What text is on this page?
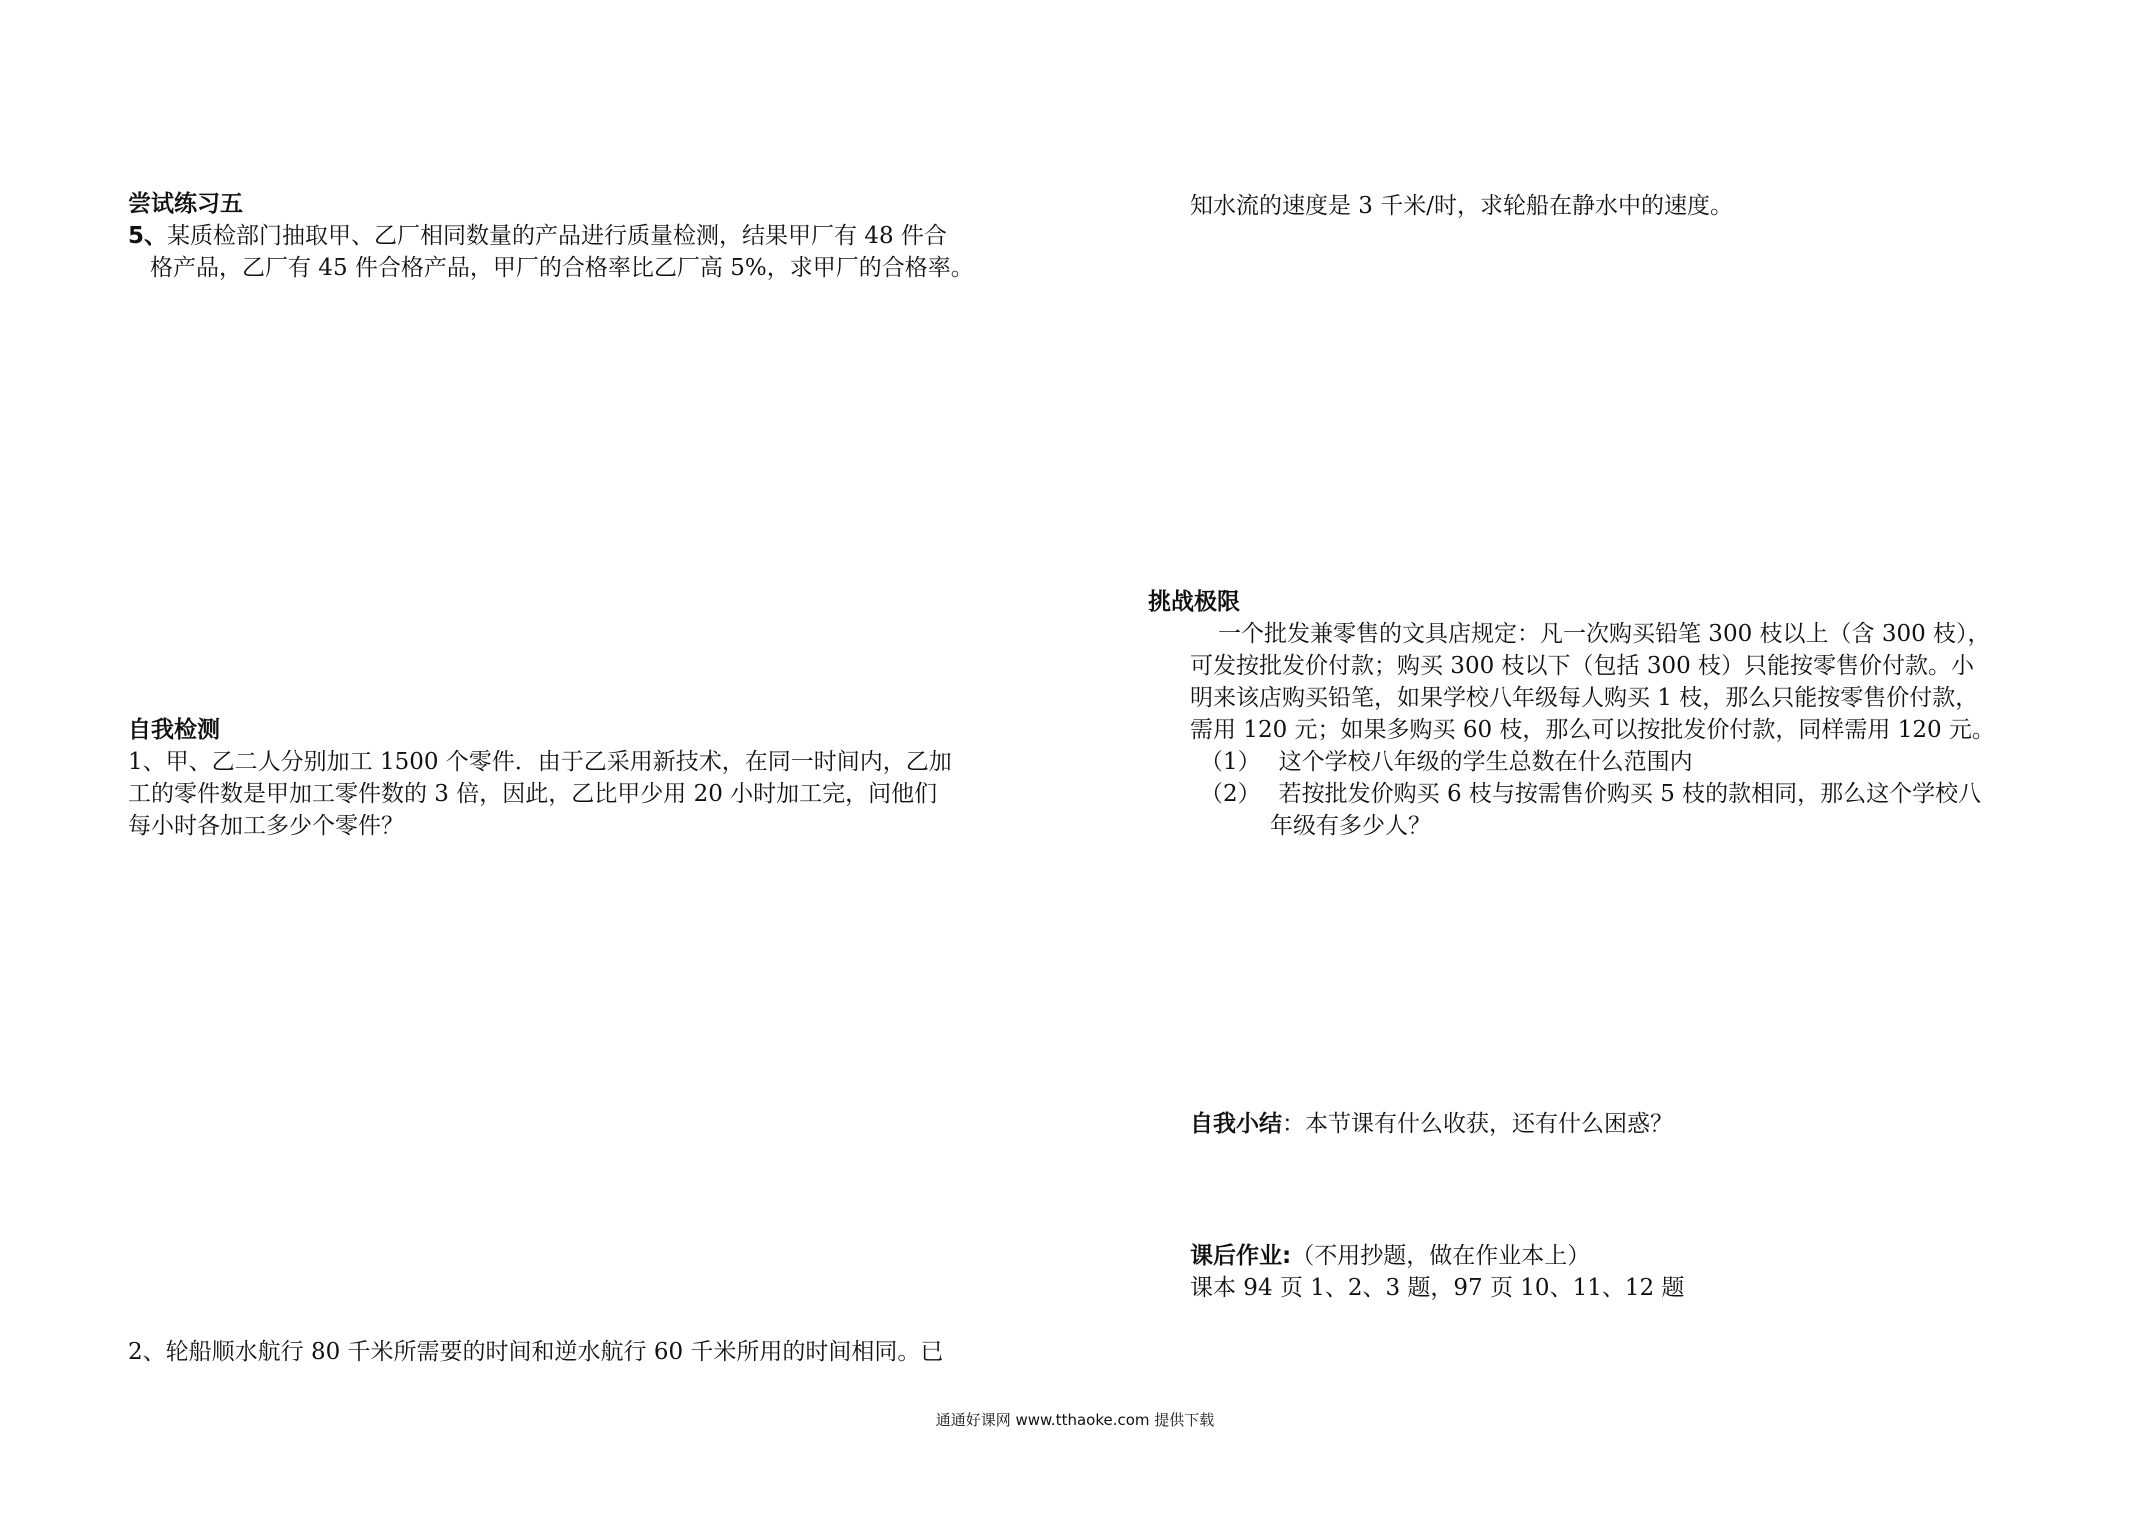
尝试练习五
5、某质检部门抽取甲、乙厂相同数量的产品进行质量检测，结果甲厂有 48 件合
格产品，乙厂有 45 件合格产品，甲厂的合格率比乙厂高 5%，求甲厂的合格率。
自我检测
1、甲、乙二人分别加工 1500 个零件．由于乙采用新技术，在同一时间内，乙加
工的零件数是甲加工零件数的 3 倍，因此，乙比甲少用 20 小时加工完，问他们
每小时各加工多少个零件？
2、轮船顺水航行 80 千米所需要的时间和逆水航行 60 千米所用的时间相同。已
知水流的速度是 3 千米/时，求轮船在静水中的速度。
挑战极限
一个批发兼零售的文具店规定：凡一次购买铅笔 300 枝以上（含 300 枝），
可发按批发价付款；购买 300 枝以下（包括 300 枝）只能按零售价付款。小
明来该店购买铅笔，如果学校八年级每人购买 1 枝，那么只能按零售价付款，
需用 120 元；如果多购买 60 枝，那么可以按批发价付款，同样需用 120 元。
（1） 这个学校八年级的学生总数在什么范围内
（2） 若按批发价购买 6 枝与按需售价购买 5 枝的款相同，那么这个学校八
年级有多少人？
自我小结：本节课有什么收获，还有什么困惑？
课后作业:（不用抄题，做在作业本上）
课本 94 页 1、2、3 题，97 页 10、11、12 题
通通好课网 www.tthaoke.com 提供下载
